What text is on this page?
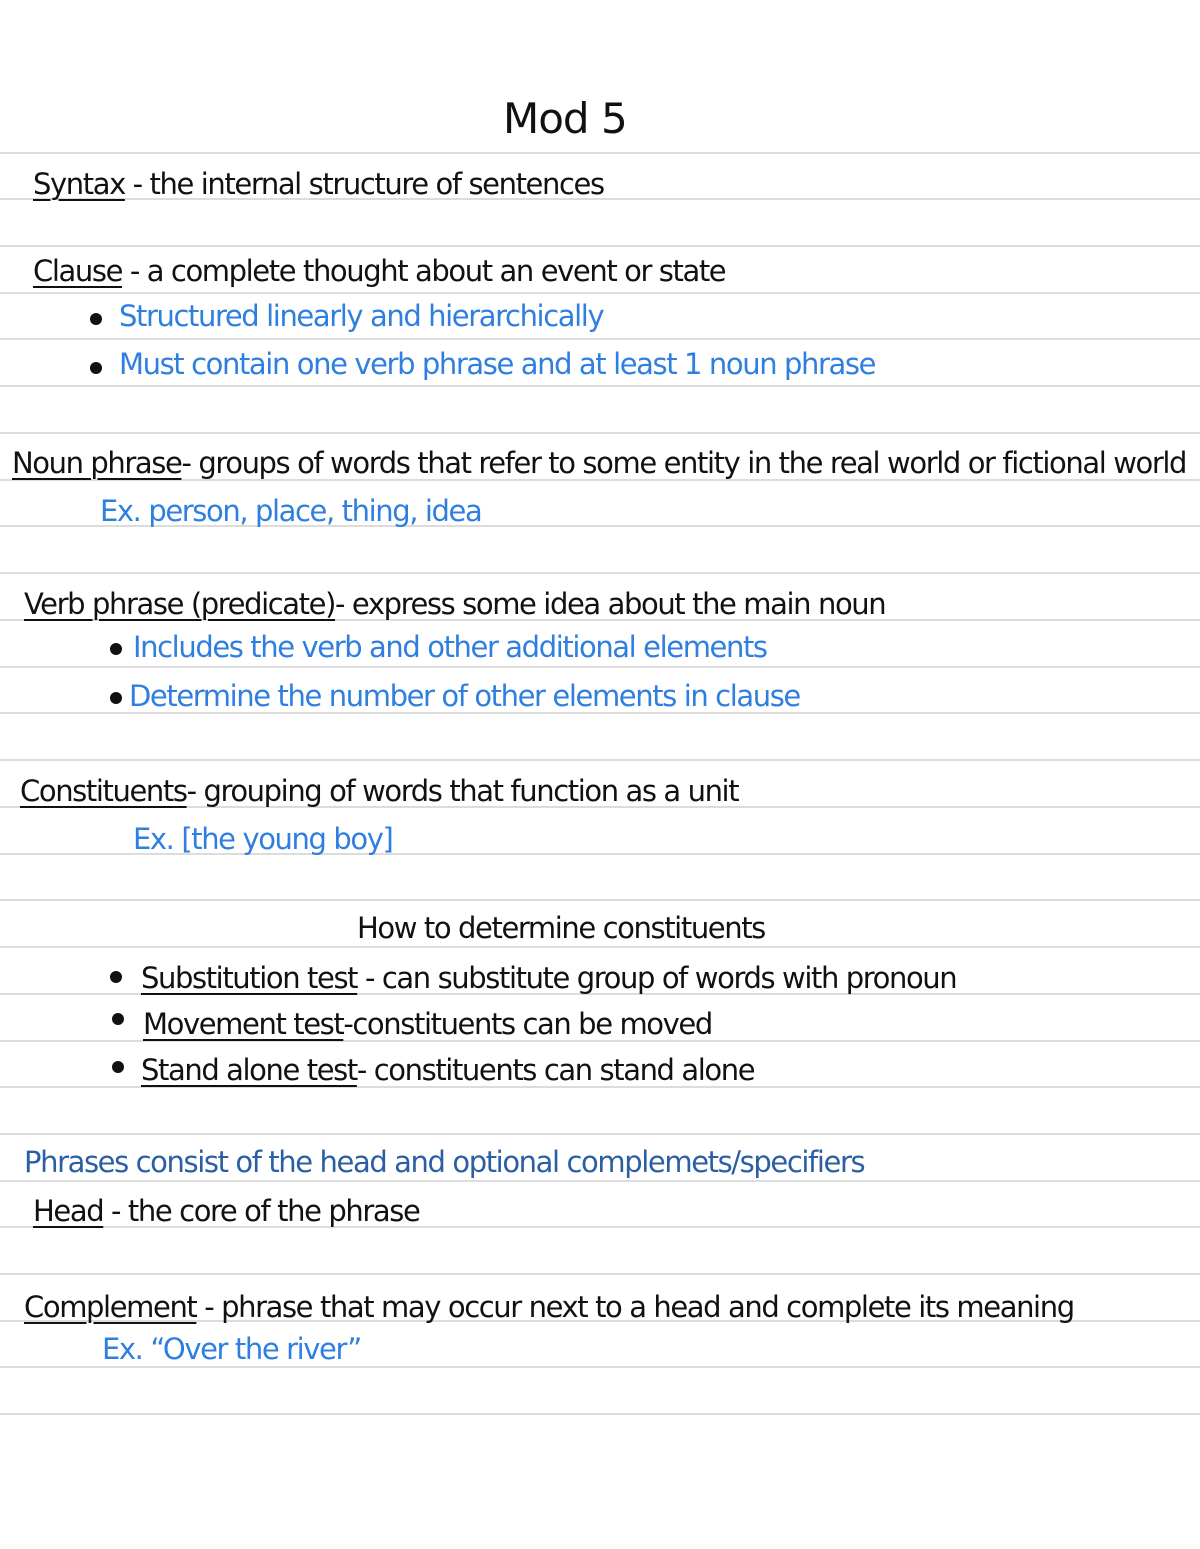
Mod 5
Syntax - the internal structure of sentences
Clause - a complete thought about an event or state
Structured linearly and hierarchically
Must contain one verb phrase and at least 1 noun phrase
Noun phrase- groups of words that refer to some entity in the real world or fictional world
Ex. person, place, thing, idea
Verb phrase (predicate)- express some idea about the main noun
Includes the verb and other additional elements
Determine the number of other elements in clause
Constituents- grouping of words that function as a unit
Ex. [the young boy]
How to determine constituents
Substitution test - can substitute group of words with pronoun
Movement test-constituents can be moved
Stand alone test- constituents can stand alone
Phrases consist of the head and optional complemets/specifiers
Head - the core of the phrase
Complement - phrase that may occur next to a head and complete its meaning
Ex. “Over the river”
